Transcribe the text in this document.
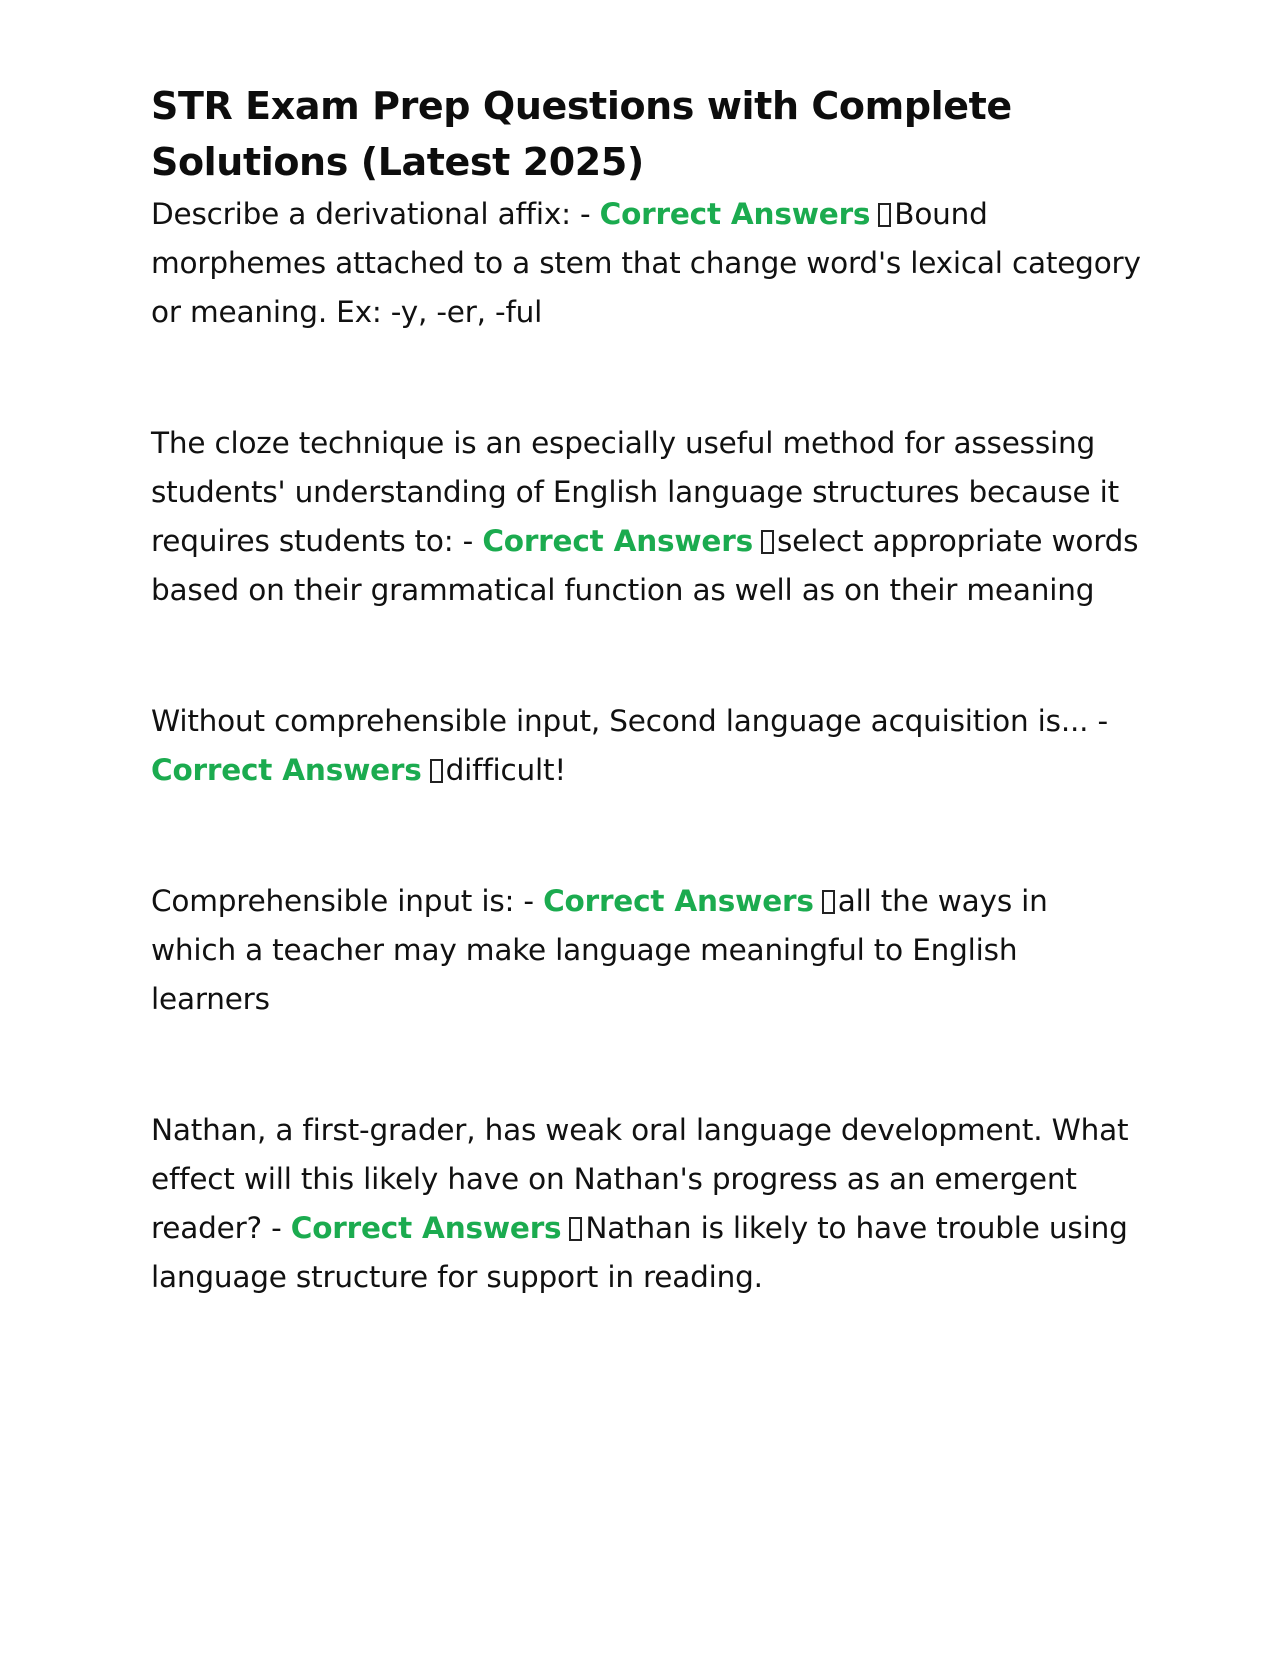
STR Exam Prep Questions with Complete Solutions (Latest 2025)

Describe a derivational affix: - Correct Answers Bound morphemes attached to a stem that change word's lexical category or meaning. Ex: -y, -er, -ful

The cloze technique is an especially useful method for assessing students' understanding of English language structures because it requires students to: - Correct Answers select appropriate words based on their grammatical function as well as on their meaning

Without comprehensible input, Second language acquisition is... - Correct Answers difficult!

Comprehensible input is: - Correct Answers all the ways in which a teacher may make language meaningful to English learners

Nathan, a first-grader, has weak oral language development. What effect will this likely have on Nathan's progress as an emergent reader? - Correct Answers Nathan is likely to have trouble using language structure for support in reading.
